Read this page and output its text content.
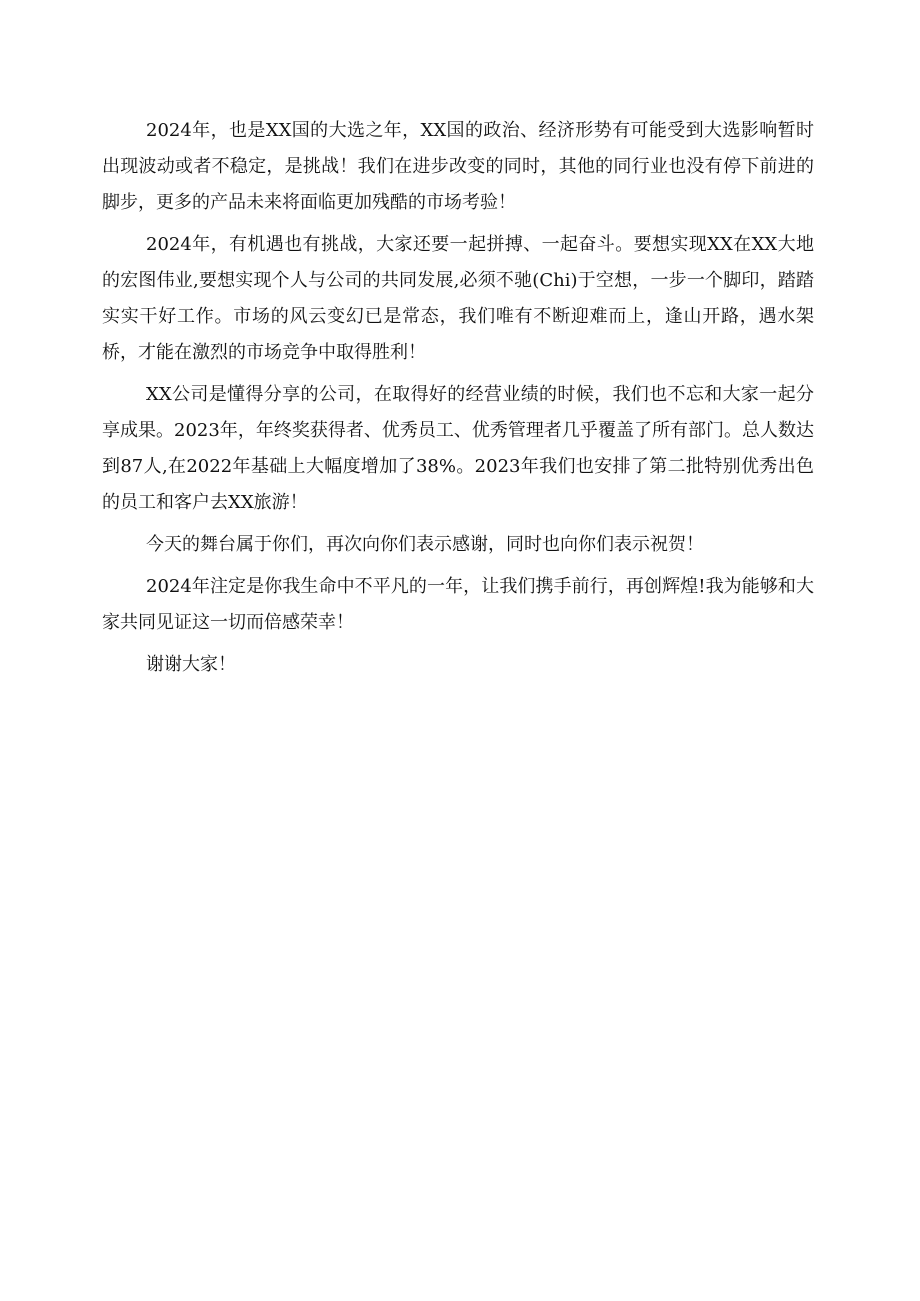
2024年，也是XX国的大选之年，XX国的政治、经济形势有可能受到大选影响暂时出现波动或者不稳定，是挑战！我们在进步改变的同时，其他的同行业也没有停下前进的脚步，更多的产品未来将面临更加残酷的市场考验！

2024年，有机遇也有挑战，大家还要一起拼搏、一起奋斗。要想实现XX在XX大地的宏图伟业,要想实现个人与公司的共同发展,必须不驰(Chi)于空想，一步一个脚印，踏踏实实干好工作。市场的风云变幻已是常态，我们唯有不断迎难而上，逢山开路，遇水架桥，才能在激烈的市场竞争中取得胜利！

XX公司是懂得分享的公司，在取得好的经营业绩的时候，我们也不忘和大家一起分享成果。2023年，年终奖获得者、优秀员工、优秀管理者几乎覆盖了所有部门。总人数达到87人,在2022年基础上大幅度增加了38%。2023年我们也安排了第二批特别优秀出色的员工和客户去XX旅游！

今天的舞台属于你们，再次向你们表示感谢，同时也向你们表示祝贺！

2024年注定是你我生命中不平凡的一年，让我们携手前行，再创辉煌!我为能够和大家共同见证这一切而倍感荣幸！

谢谢大家！
